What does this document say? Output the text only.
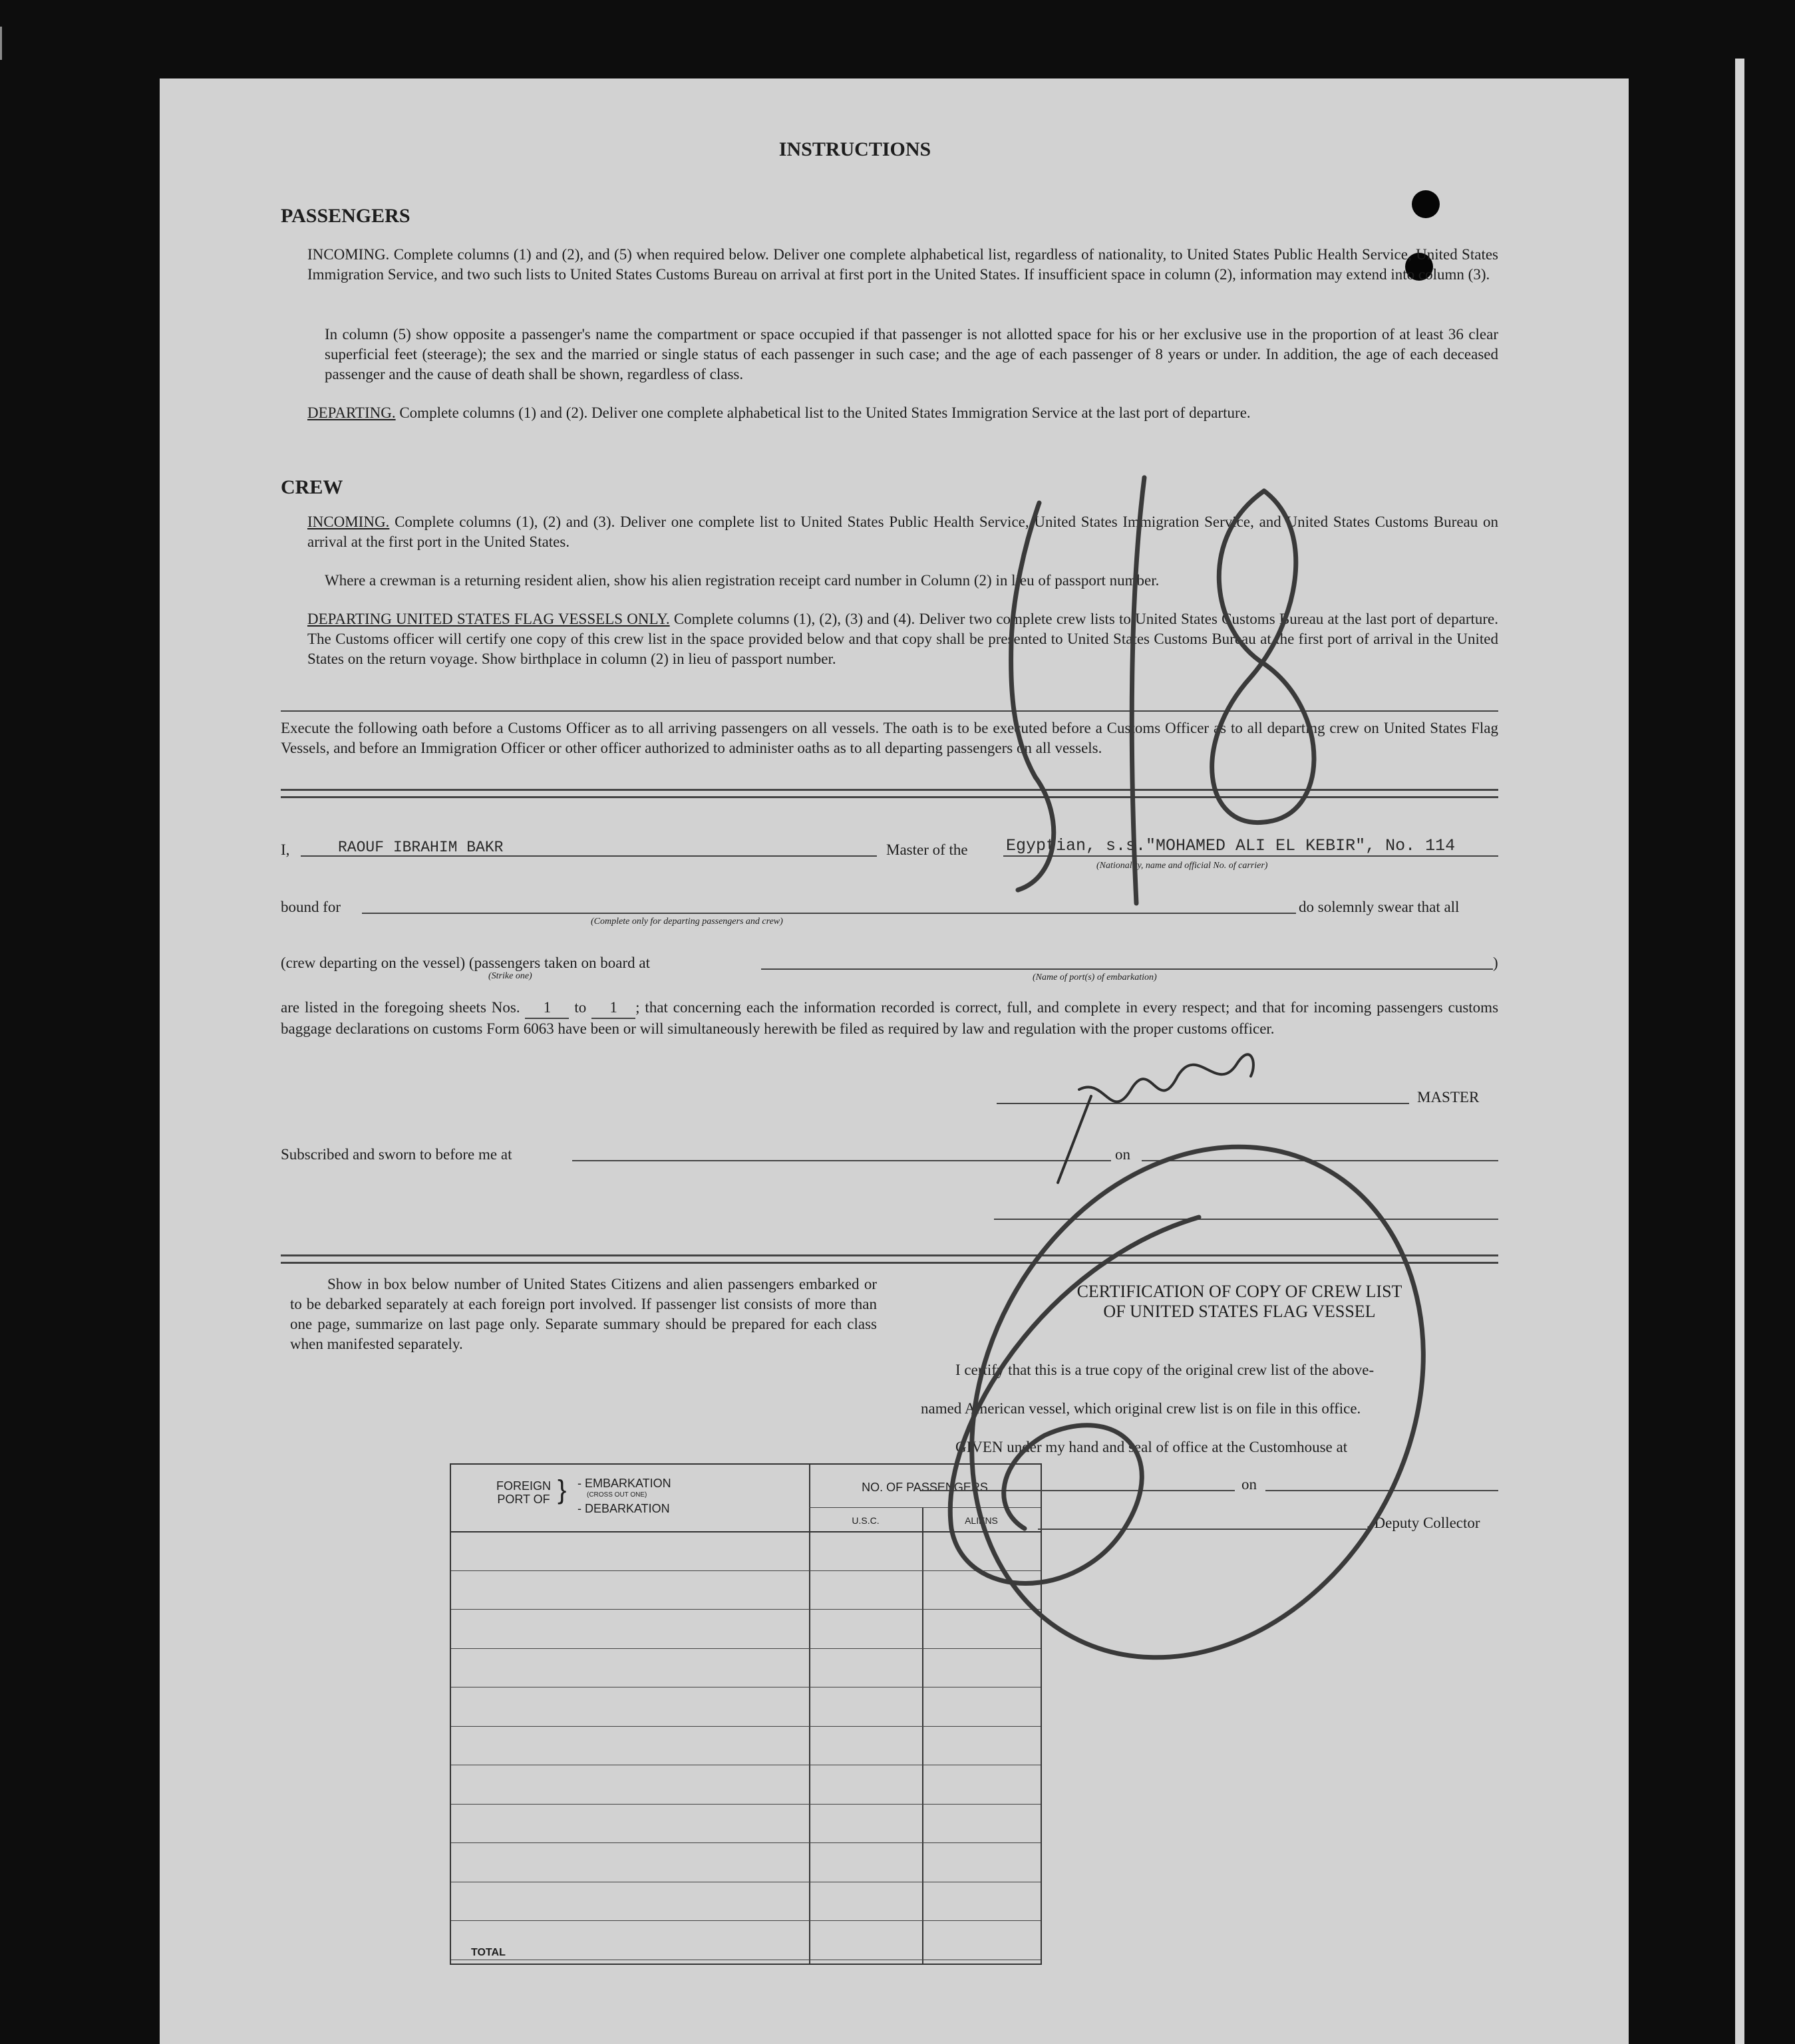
INSTRUCTIONS
PASSENGERS

INCOMING. Complete columns (1) and (2), and (5) when required below. Deliver one complete alphabetical list, regardless of nationality, to United States Public Health Service, United States Immigration Service, and two such lists to United States Customs Bureau on arrival at first port in the United States. If insufficient space in column (2), information may extend into column (3).

In column (5) show opposite a passenger's name the compartment or space occupied if that passenger is not allotted space for his or her exclusive use in the proportion of at least 36 clear superficial feet (steerage); the sex and the married or single status of each passenger in such case; and the age of each passenger of 8 years or under. In addition, the age of each deceased passenger and the cause of death shall be shown, regardless of class.

DEPARTING. Complete columns (1) and (2). Deliver one complete alphabetical list to the United States Immigration Service at the last port of departure.

CREW

INCOMING. Complete columns (1), (2) and (3). Deliver one complete list to United States Public Health Service, United States Immigration Service, and United States Customs Bureau on arrival at the first port in the United States.

Where a crewman is a returning resident alien, show his alien registration receipt card number in Column (2) in lieu of passport number.

DEPARTING UNITED STATES FLAG VESSELS ONLY. Complete columns (1), (2), (3) and (4). Deliver two complete crew lists to United States Customs Bureau at the last port of departure. The Customs officer will certify one copy of this crew list in the space provided below and that copy shall be presented to United States Customs Bureau at the first port of arrival in the United States on the return voyage. Show birthplace in column (2) in lieu of passport number.

Execute the following oath before a Customs Officer as to all arriving passengers on all vessels. The oath is to be executed before a Customs Officer as to all departing crew on United States Flag Vessels, and before an Immigration Officer or other officer authorized to administer oaths as to all departing passengers on all vessels.

I,	RAOUF IBRAHIM BAKR	Master of the Egyptian, s.s."MOHAMED ALI EL KEBIR", No. 114
(Nationality, name and official No. of carrier)
bound for
(Complete only for departing passengers and crew)
do solemnly swear that all
(crew departing on the vessel) (passengers taken on board at
(Strike one)	(Name of port(s) of embarkation)
)

are listed in the foregoing sheets Nos. 1 to 1 ; that concerning each the information recorded is correct, full, and complete in every respect; and that for incoming passengers customs baggage declarations on customs Form 6063 have been or will simultaneously herewith be filed as required by law and regulation with the proper customs officer.

MASTER
Subscribed and sworn to before me at	on

Show in box below number of United States Citizens and alien passengers embarked or to be debarked separately at each foreign port involved. If passenger list consists of more than one page, summarize on last page only. Separate summary should be prepared for each class when manifested separately.

FOREIGN PORT OF } - EMBARKATION
(CROSS OUT ONE)
- DEBARKATION
NO. OF PASSENGERS
U.S.C.	ALIENS
TOTAL
CERTIFICATION OF COPY OF CREW LIST
OF UNITED STATES FLAG VESSEL
I certify that this is a true copy of the original crew list of the above-
named American vessel, which original crew list is on file in this office.
GIVEN under my hand and seal of office at the Customhouse at
on
, Deputy Collector
